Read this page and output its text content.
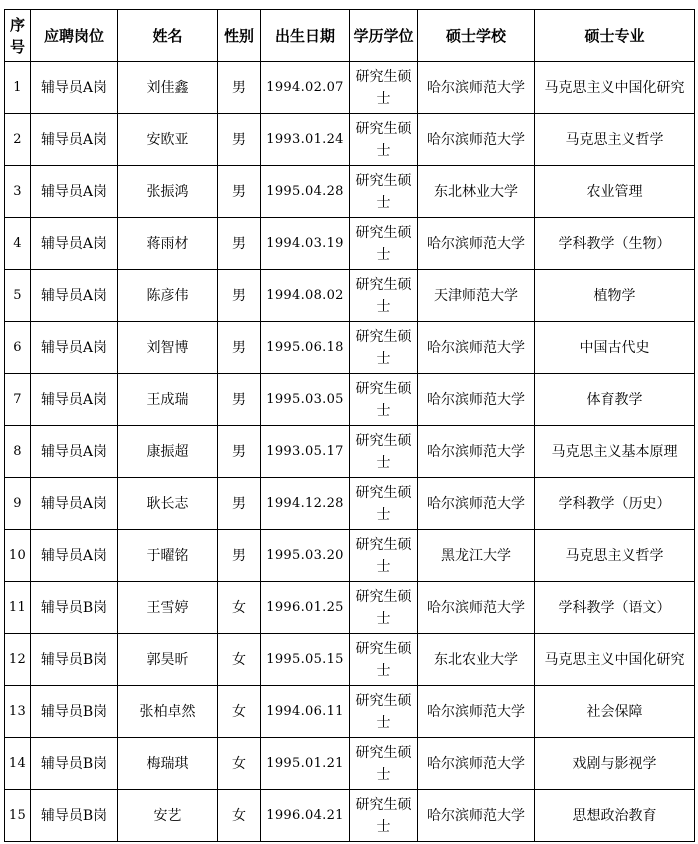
序号	应聘岗位	姓名	性别	出生日期	学历学位	硕士学校	硕士专业
1	辅导员A岗	刘佳鑫	男	1994.02.07	研究生硕士	哈尔滨师范大学	马克思主义中国化研究
2	辅导员A岗	安欧亚	男	1993.01.24	研究生硕士	哈尔滨师范大学	马克思主义哲学
3	辅导员A岗	张振鸿	男	1995.04.28	研究生硕士	东北林业大学	农业管理
4	辅导员A岗	蒋雨材	男	1994.03.19	研究生硕士	哈尔滨师范大学	学科教学（生物）
5	辅导员A岗	陈彦伟	男	1994.08.02	研究生硕士	天津师范大学	植物学
6	辅导员A岗	刘智博	男	1995.06.18	研究生硕士	哈尔滨师范大学	中国古代史
7	辅导员A岗	王成瑞	男	1995.03.05	研究生硕士	哈尔滨师范大学	体育教学
8	辅导员A岗	康振超	男	1993.05.17	研究生硕士	哈尔滨师范大学	马克思主义基本原理
9	辅导员A岗	耿长志	男	1994.12.28	研究生硕士	哈尔滨师范大学	学科教学（历史）
10	辅导员A岗	于曜铭	男	1995.03.20	研究生硕士	黑龙江大学	马克思主义哲学
11	辅导员B岗	王雪婷	女	1996.01.25	研究生硕士	哈尔滨师范大学	学科教学（语文）
12	辅导员B岗	郭昊昕	女	1995.05.15	研究生硕士	东北农业大学	马克思主义中国化研究
13	辅导员B岗	张柏卓然	女	1994.06.11	研究生硕士	哈尔滨师范大学	社会保障
14	辅导员B岗	梅瑞琪	女	1995.01.21	研究生硕士	哈尔滨师范大学	戏剧与影视学
15	辅导员B岗	安艺	女	1996.04.21	研究生硕士	哈尔滨师范大学	思想政治教育
